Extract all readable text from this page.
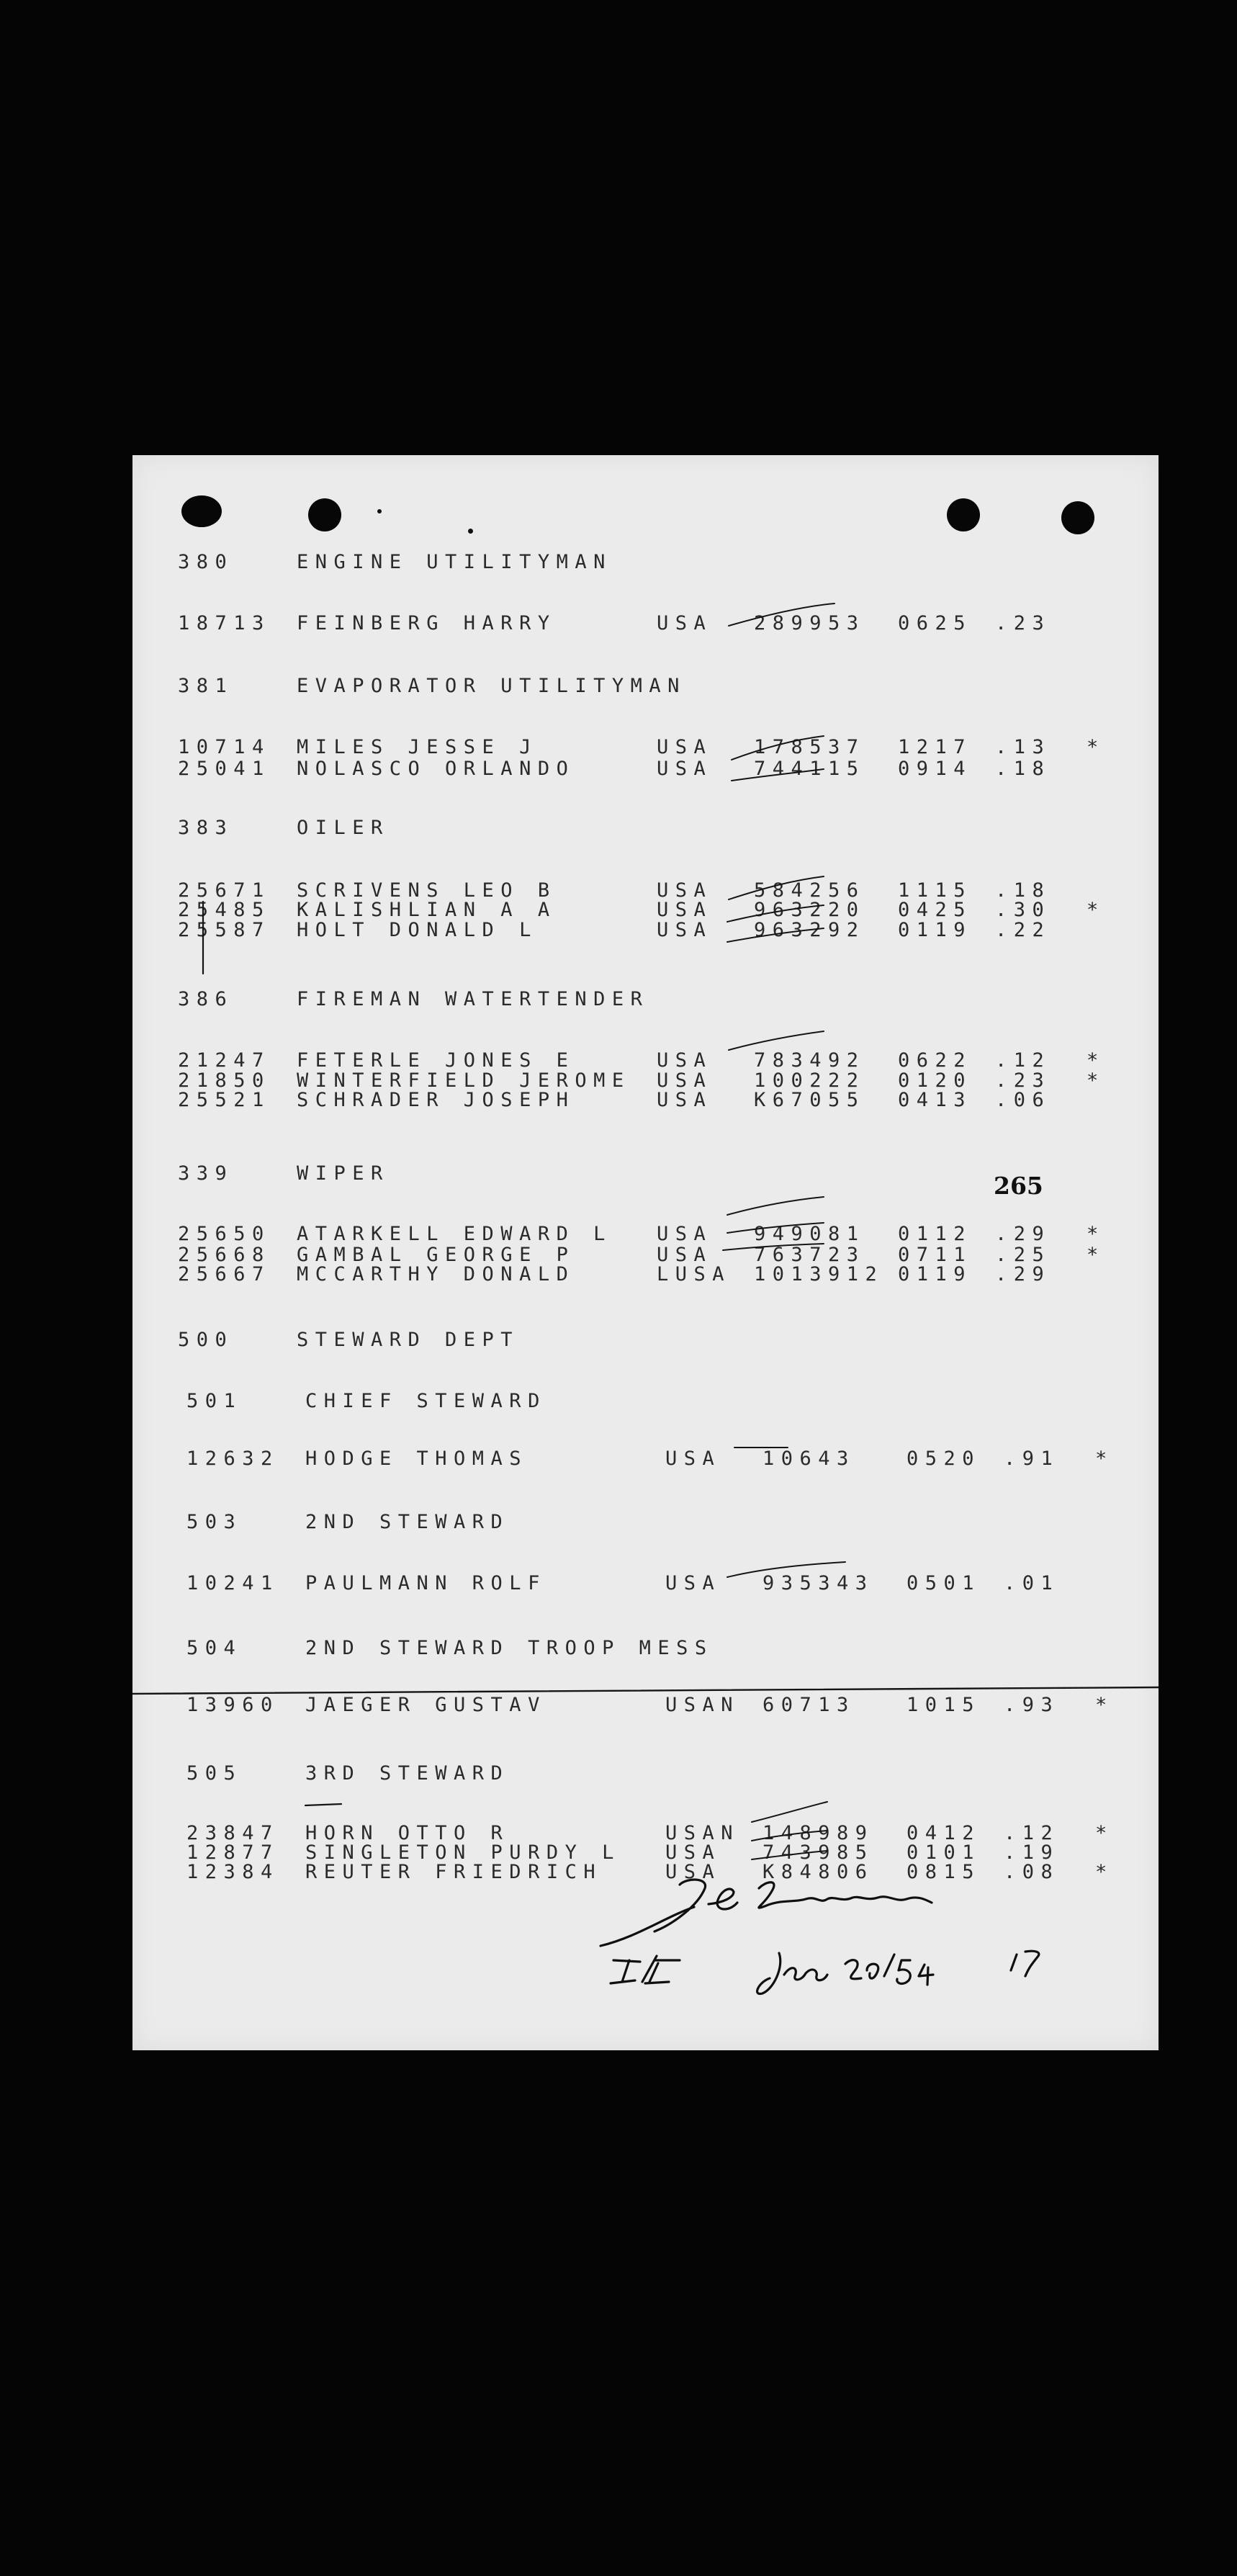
380	ENGINE UTILITYMAN
18713 FEINBERG HARRY	USA 289953 0625 .23
381	EVAPORATOR UTILITYMAN
10714 MILES JESSE J	USA 178537 1217 .13 *
25041 NOLASCO ORLANDO	USA 744115 0914 .18
383	OILER
25671 SCRIVENS LEO B	USA 584256 1115 .18
25485 KALISHLIAN A A	USA 963220 0425 .30 *
25587 HOLT DONALD L	USA 963292 0119 .22
386	FIREMAN WATERTENDER
21247 FETERLE JONES E	USA 783492 0622 .12 *
21850 WINTERFIELD JEROME USA 100222 0120 .23 *
25521 SCHRADER JOSEPH	USA K67055 0413 .06
339	WIPER
25650 ATARKELL EDWARD L USA 949081 0112 .29 *
25668 GAMBAL GEORGE P	USA 763723 0711 .25 *
25667 MCCARTHY DONALD	LUSA 1013912 0119 .29
500	STEWARD DEPT
501	CHIEF STEWARD
12632 HODGE THOMAS	USA 10643	0520 .91 *
503	2ND STEWARD
10241 PAULMANN ROLF	USA 935343 0501 .01
504	2ND STEWARD TROOP MESS
13960 JAEGER GUSTAV	USAN 60713	1015 .93 *
505	3RD STEWARD
23847 HORN OTTO R	USAN 148989 0412 .12 *
12877 SINGLETON PURDY L USA 743985 0101 .19
12384 REUTER FRIEDRICH	USA K84806 0815 .08 *
265
